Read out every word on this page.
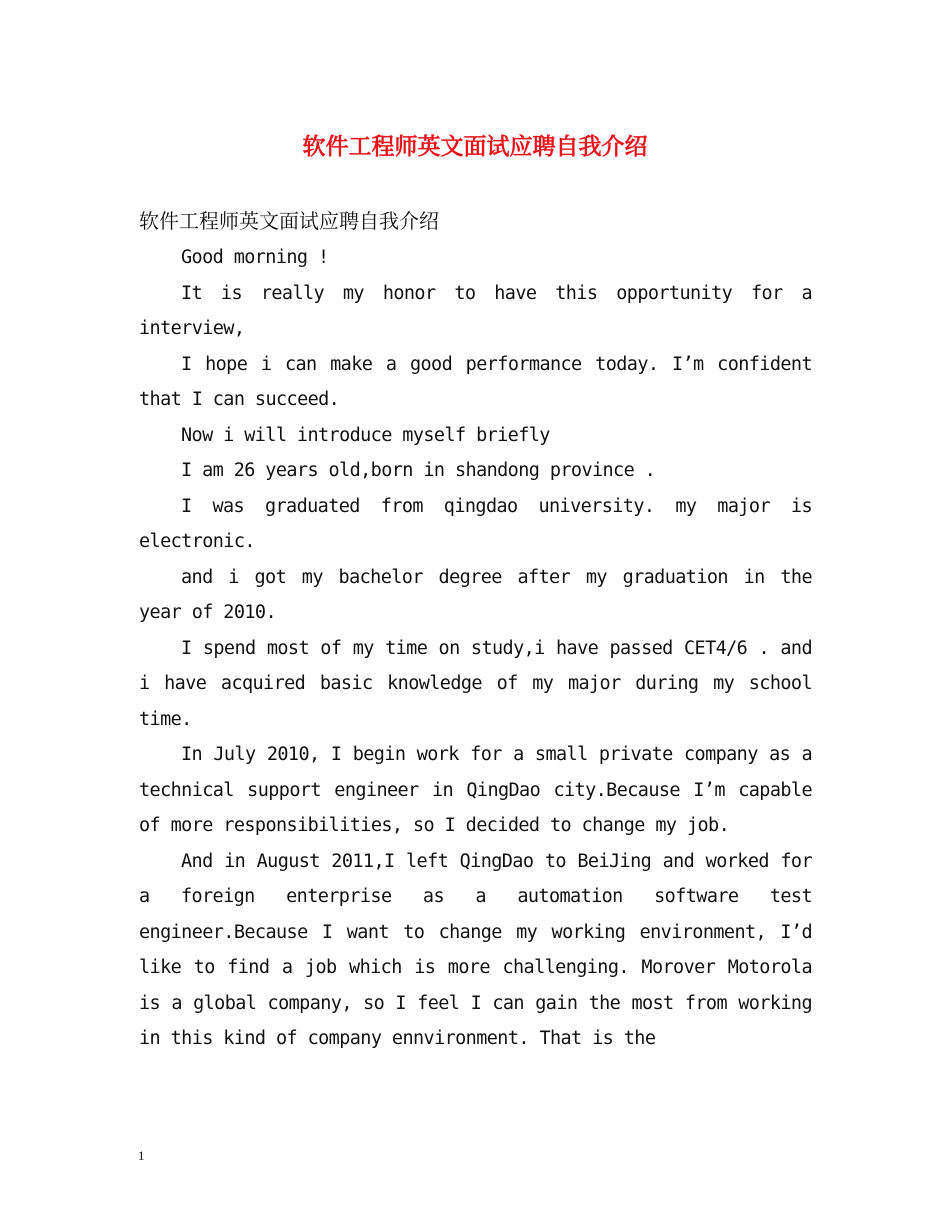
软件工程师英文面试应聘自我介绍
软件工程师英文面试应聘自我介绍

Good morning !

It is really my honor to have this opportunity for a interview,

I hope i can make a good performance today. I’m confident that I can succeed.

Now i will introduce myself briefly

I am 26 years old,born in shandong province .

I was graduated from qingdao university. my major is electronic.

and i got my bachelor degree after my graduation in the year of 2010.

I spend most of my time on study,i have passed CET4/6 . and i have acquired basic knowledge of my major during my school time.

In July 2010, I begin work for a small private company as a technical support engineer in QingDao city.Because I’m capable of more responsibilities, so I decided to change my job.

And in August 2011,I left QingDao to BeiJing and worked for a foreign enterprise as a automation software test engineer.Because I want to change my working environment, I’d like to find a job which is more challenging. Morover Motorola is a global company, so I feel I can gain the most from working in this kind of company ennvironment. That is the

1
